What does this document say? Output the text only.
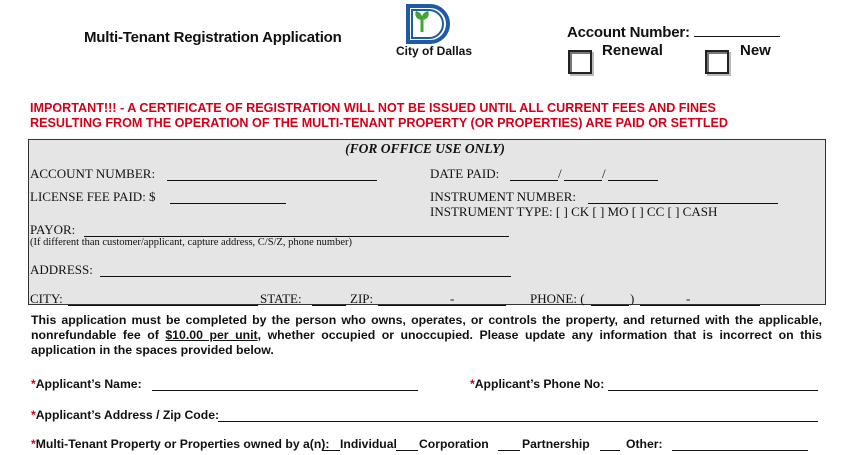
Multi-Tenant Registration Application
City of Dallas
Account Number:
Renewal	New
IMPORTANT!!! - A CERTIFICATE OF REGISTRATION WILL NOT BE ISSUED UNTIL ALL CURRENT FEES AND FINES
RESULTING FROM THE OPERATION OF THE MULTI-TENANT PROPERTY (OR PROPERTIES) ARE PAID OR SETTLED
(FOR OFFICE USE ONLY)
ACCOUNT NUMBER:	DATE PAID:	/	/
LICENSE FEE PAID: $	INSTRUMENT NUMBER:
INSTRUMENT TYPE: [ ] CK [ ] MO [ ] CC [ ] CASH
PAYOR:
(If different than customer/applicant, capture address, C/S/Z, phone number)
ADDRESS:
CITY:	STATE:	ZIP:	-	PHONE: (	)	-
This application must be completed by the person who owns, operates, or controls the property, and returned with the applicable, nonrefundable fee of $10.00 per unit, whether occupied or unoccupied. Please update any information that is incorrect on this application in the spaces provided below.
*Applicant’s Name:	*Applicant’s Phone No:
*Applicant’s Address / Zip Code:
*Multi-Tenant Property or Properties owned by a(n): Individual Corporation	Partnership	Other:
